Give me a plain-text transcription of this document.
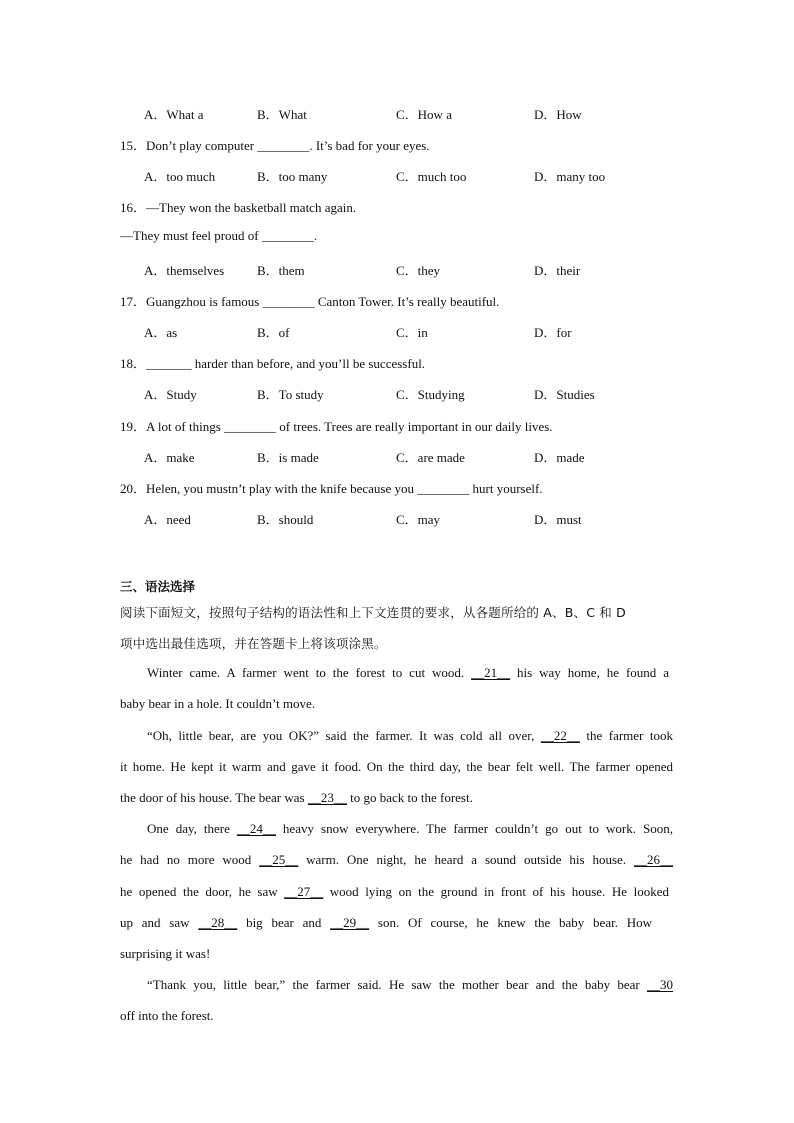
A．What a	B．What	C．How a	D．How
15．Don’t play computer ________. It’s bad for your eyes.
A．too much	B．too many	C．much too	D．many too
16．—They won the basketball match again.
—They must feel proud of ________.
A．themselves	B．them	C．they	D．their
17．Guangzhou is famous ________ Canton Tower. It’s really beautiful.
A．as	B．of	C．in	D．for
18．_______ harder than before, and you’ll be successful.
A．Study	B．To study	C．Studying	D．Studies
19．A lot of things ________ of trees. Trees are really important in our daily lives.
A．make	B．is made	C．are made	D．made
20．Helen, you mustn’t play with the knife because you ________ hurt yourself.
A．need	B．should	C．may	D．must
三、语法选择
阅读下面短文，按照句子结构的语法性和上下文连贯的要求，从各题所给的 A、B、C 和 D
项中选出最佳选项，并在答题卡上将该项涂黑。
Winter came. A farmer went to the forest to cut wood. __21__ his way home, he found a
baby bear in a hole. It couldn’t move.
“Oh, little bear, are you OK?” said the farmer. It was cold all over, __22__ the farmer took
it home. He kept it warm and gave it food. On the third day, the bear felt well. The farmer opened
the door of his house. The bear was __23__ to go back to the forest.
One day, there __24__ heavy snow everywhere. The farmer couldn’t go out to work. Soon,
he had no more wood __25__ warm. One night, he heard a sound outside his house. __26__
he opened the door, he saw __27__ wood lying on the ground in front of his house. He looked
up and saw __28__ big bear and __29__ son. Of course, he knew the baby bear. How
surprising it was!
“Thank you, little bear,” the farmer said. He saw the mother bear and the baby bear __30
off into the forest.
